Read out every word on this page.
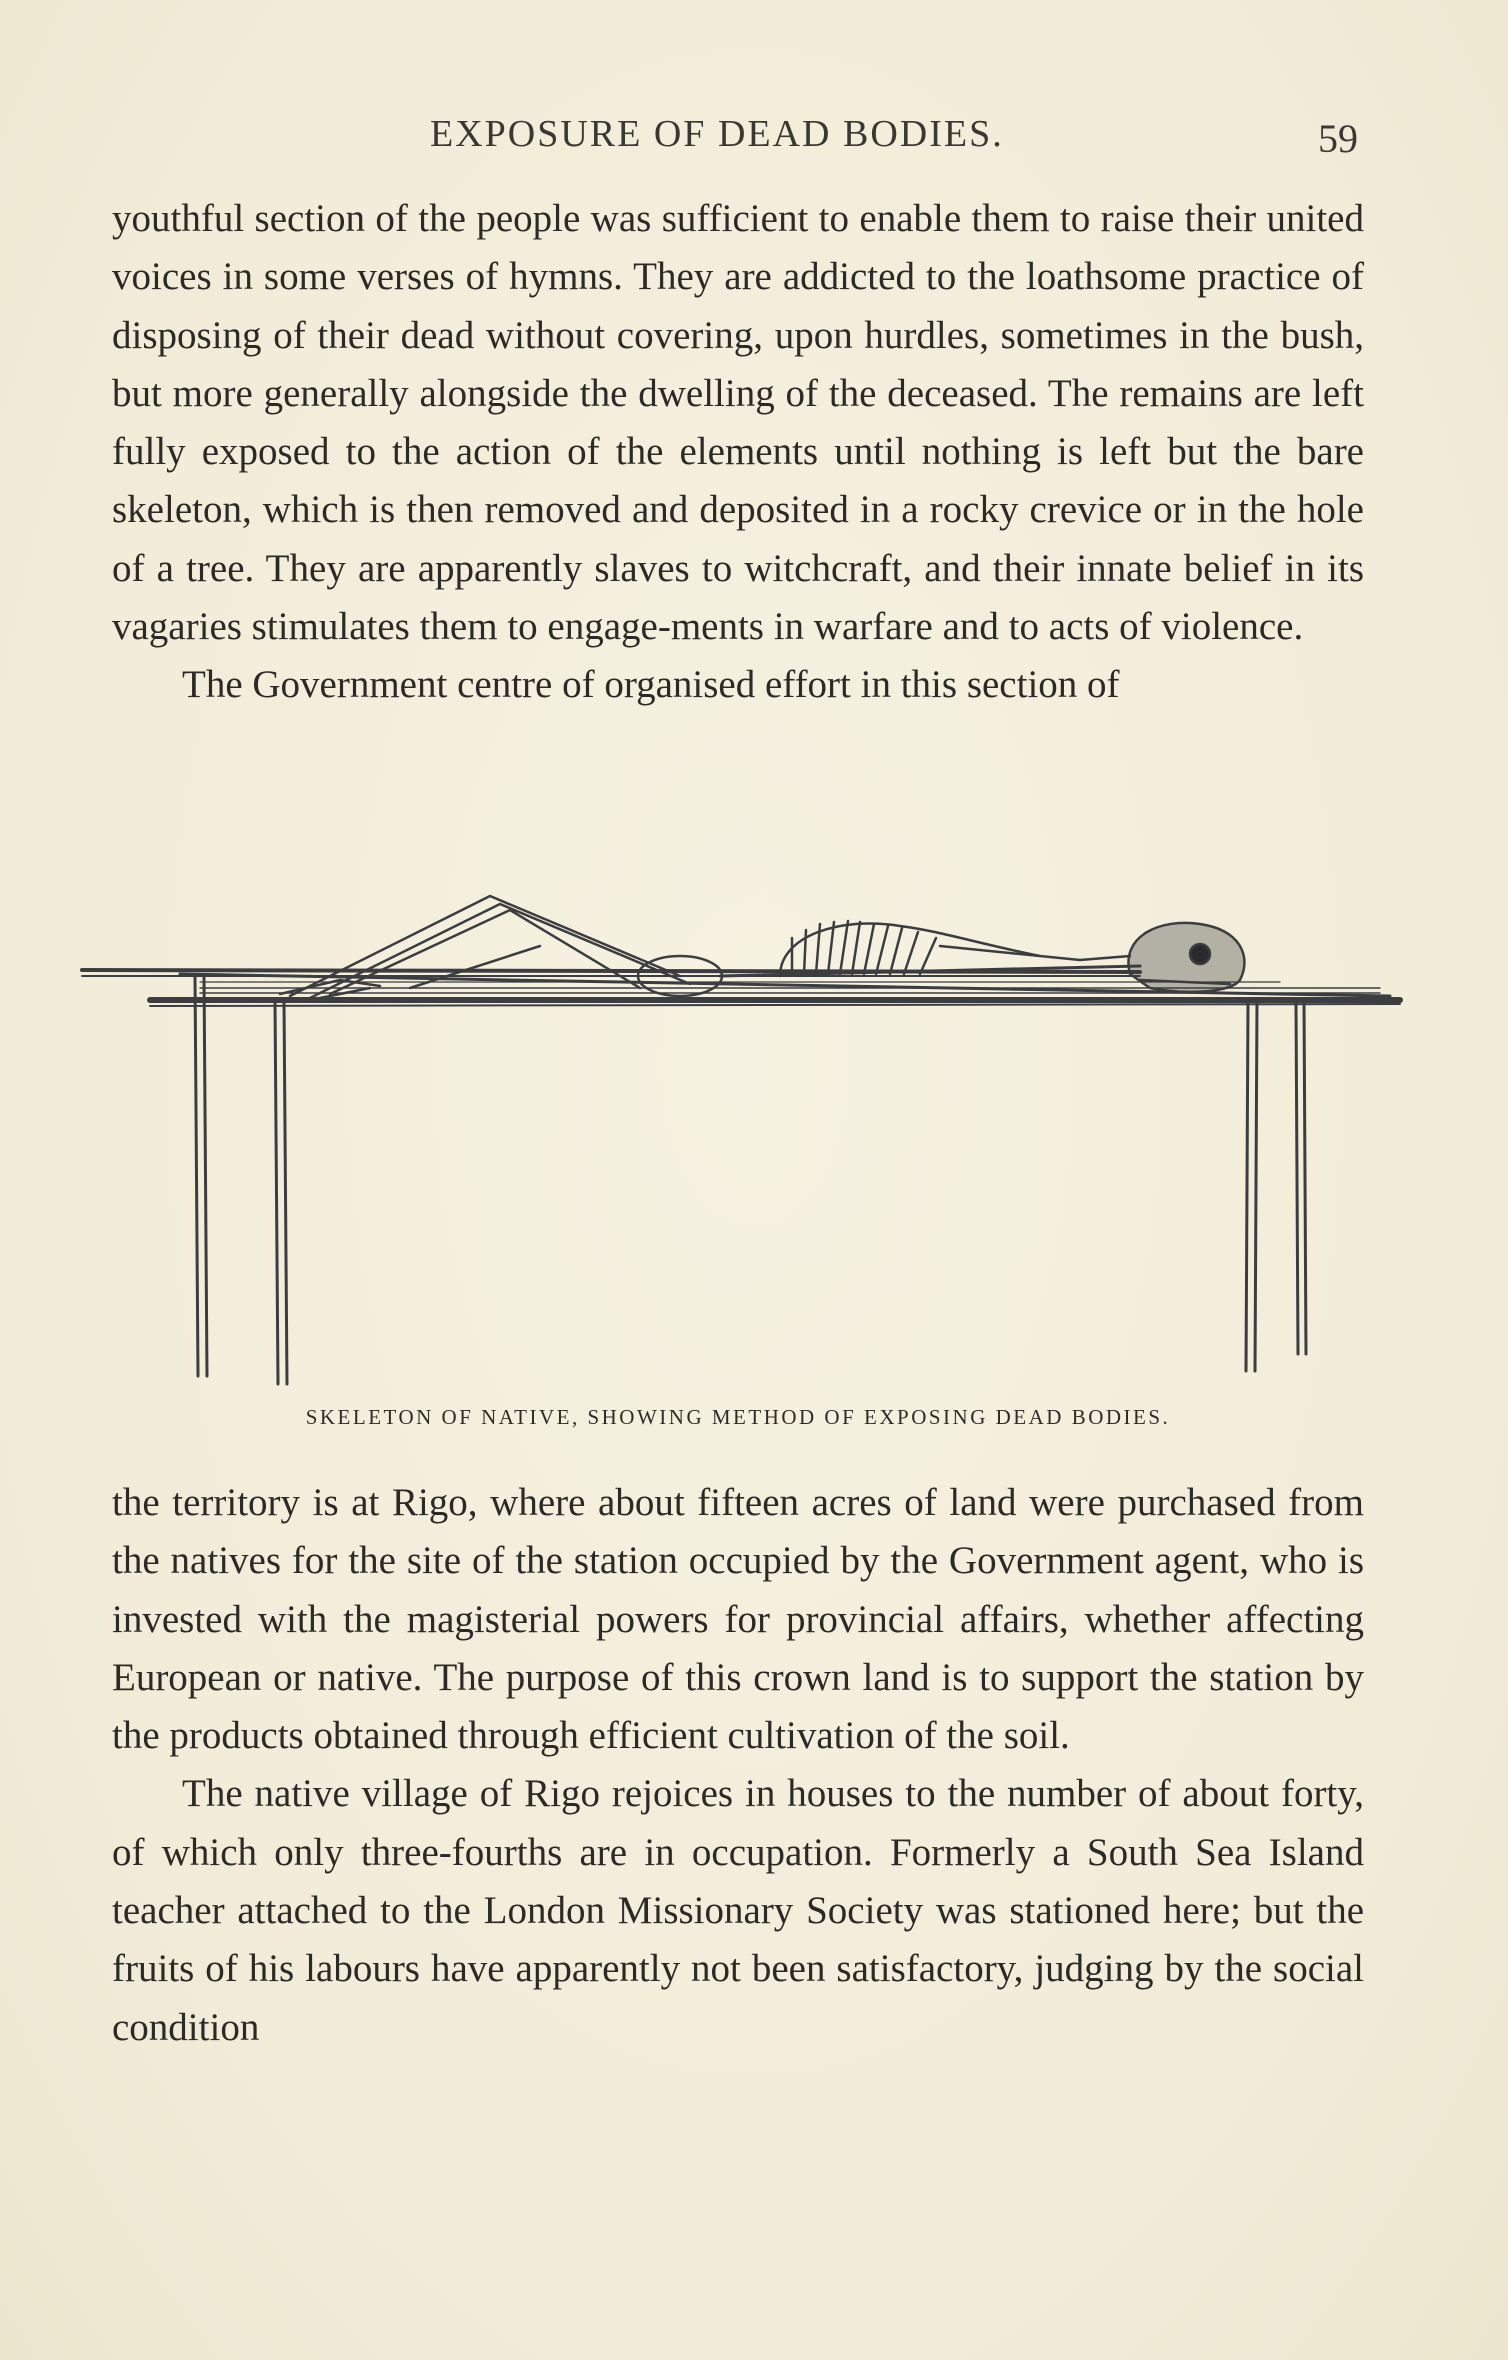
EXPOSURE OF DEAD BODIES.	59

youthful section of the people was sufficient to enable them to raise their united voices in some verses of hymns. They are addicted to the loathsome practice of disposing of their dead without covering, upon hurdles, sometimes in the bush, but more generally alongside the dwelling of the deceased. The remains are left fully exposed to the action of the elements until nothing is left but the bare skeleton, which is then removed and deposited in a rocky crevice or in the hole of a tree. They are apparently slaves to witchcraft, and their innate belief in its vagaries stimulates them to engage-ments in warfare and to acts of violence.

The Government centre of organised effort in this section of

SKELETON OF NATIVE, SHOWING METHOD OF EXPOSING DEAD BODIES.

the territory is at Rigo, where about fifteen acres of land were purchased from the natives for the site of the station occupied by the Government agent, who is invested with the magisterial powers for provincial affairs, whether affecting European or native. The purpose of this crown land is to support the station by the products obtained through efficient cultivation of the soil.

The native village of Rigo rejoices in houses to the number of about forty, of which only three-fourths are in occupation. Formerly a South Sea Island teacher attached to the London Missionary Society was stationed here; but the fruits of his labours have apparently not been satisfactory, judging by the social condition
